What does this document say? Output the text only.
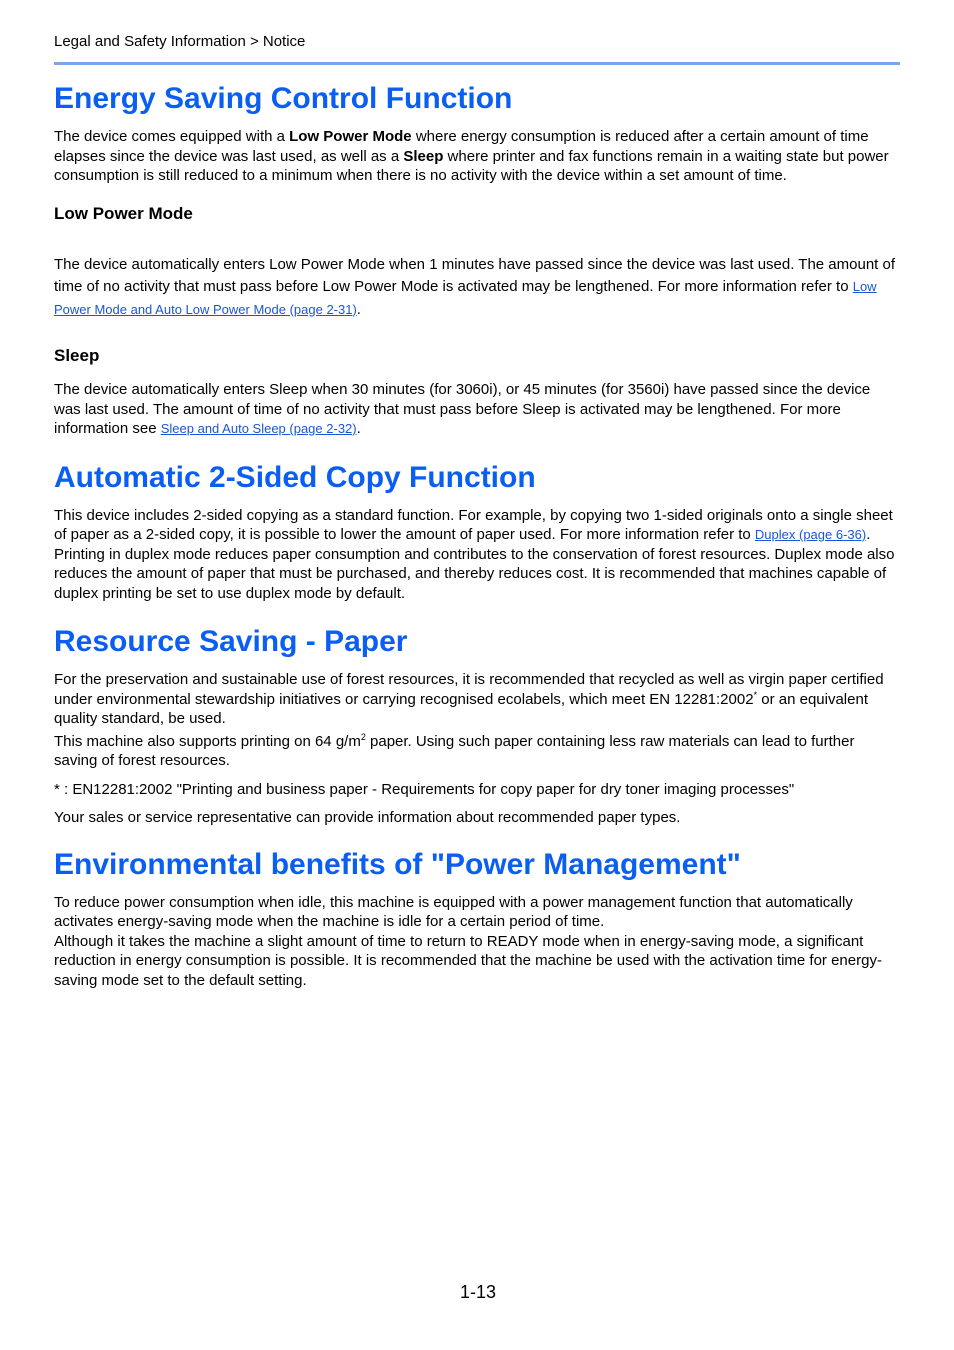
Legal and Safety Information > Notice
Energy Saving Control Function

The device comes equipped with a Low Power Mode where energy consumption is reduced after a certain amount of time elapses since the device was last used, as well as a Sleep where printer and fax functions remain in a waiting state but power consumption is still reduced to a minimum when there is no activity with the device within a set amount of time.

Low Power Mode

The device automatically enters Low Power Mode when 1 minutes have passed since the device was last used. The amount of time of no activity that must pass before Low Power Mode is activated may be lengthened. For more information refer to Low Power Mode and Auto Low Power Mode (page 2-31).

Sleep

The device automatically enters Sleep when 30 minutes (for 3060i), or 45 minutes (for 3560i) have passed since the device was last used. The amount of time of no activity that must pass before Sleep is activated may be lengthened. For more information see Sleep and Auto Sleep (page 2-32).

Automatic 2-Sided Copy Function

This device includes 2-sided copying as a standard function. For example, by copying two 1-sided originals onto a single sheet of paper as a 2-sided copy, it is possible to lower the amount of paper used. For more information refer to Duplex (page 6-36).

Printing in duplex mode reduces paper consumption and contributes to the conservation of forest resources. Duplex mode also reduces the amount of paper that must be purchased, and thereby reduces cost. It is recommended that machines capable of duplex printing be set to use duplex mode by default.

Resource Saving - Paper

For the preservation and sustainable use of forest resources, it is recommended that recycled as well as virgin paper certified under environmental stewardship initiatives or carrying recognised ecolabels, which meet EN 12281:2002* or an equivalent quality standard, be used.

This machine also supports printing on 64 $g/m^2$ paper. Using such paper containing less raw materials can lead to further saving of forest resources.

* : EN12281:2002 "Printing and business paper - Requirements for copy paper for dry toner imaging processes"

Your sales or service representative can provide information about recommended paper types.

Environmental benefits of "Power Management"

To reduce power consumption when idle, this machine is equipped with a power management function that automatically activates energy-saving mode when the machine is idle for a certain period of time.

Although it takes the machine a slight amount of time to return to READY mode when in energy-saving mode, a significant reduction in energy consumption is possible. It is recommended that the machine be used with the activation time for energy-saving mode set to the default setting.

1-13
